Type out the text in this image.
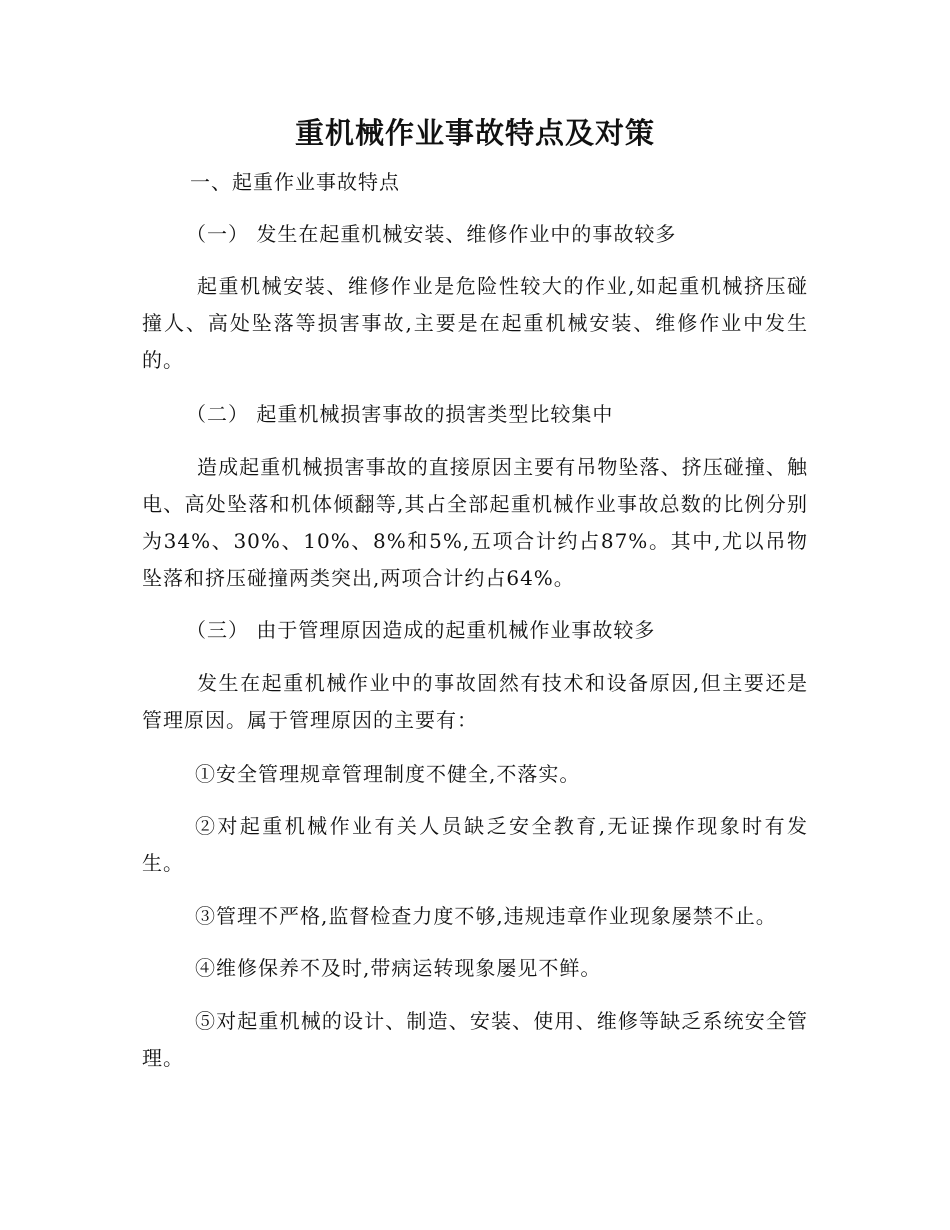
重机械作业事故特点及对策
一、起重作业事故特点
（一） 发生在起重机械安装、维修作业中的事故较多
起重机械安装、维修作业是危险性较大的作业,如起重机械挤压碰撞人、高处坠落等损害事故,主要是在起重机械安装、维修作业中发生的。
（二） 起重机械损害事故的损害类型比较集中
造成起重机械损害事故的直接原因主要有吊物坠落、挤压碰撞、触电、高处坠落和机体倾翻等,其占全部起重机械作业事故总数的比例分别为34%、30%、10%、8%和5%,五项合计约占87%。其中,尤以吊物坠落和挤压碰撞两类突出,两项合计约占64%。
（三） 由于管理原因造成的起重机械作业事故较多
发生在起重机械作业中的事故固然有技术和设备原因,但主要还是管理原因。属于管理原因的主要有：
①安全管理规章管理制度不健全,不落实。
②对起重机械作业有关人员缺乏安全教育,无证操作现象时有发生。
③管理不严格,监督检查力度不够,违规违章作业现象屡禁不止。
④维修保养不及时,带病运转现象屡见不鲜。
⑤对起重机械的设计、制造、安装、使用、维修等缺乏系统安全管理。
